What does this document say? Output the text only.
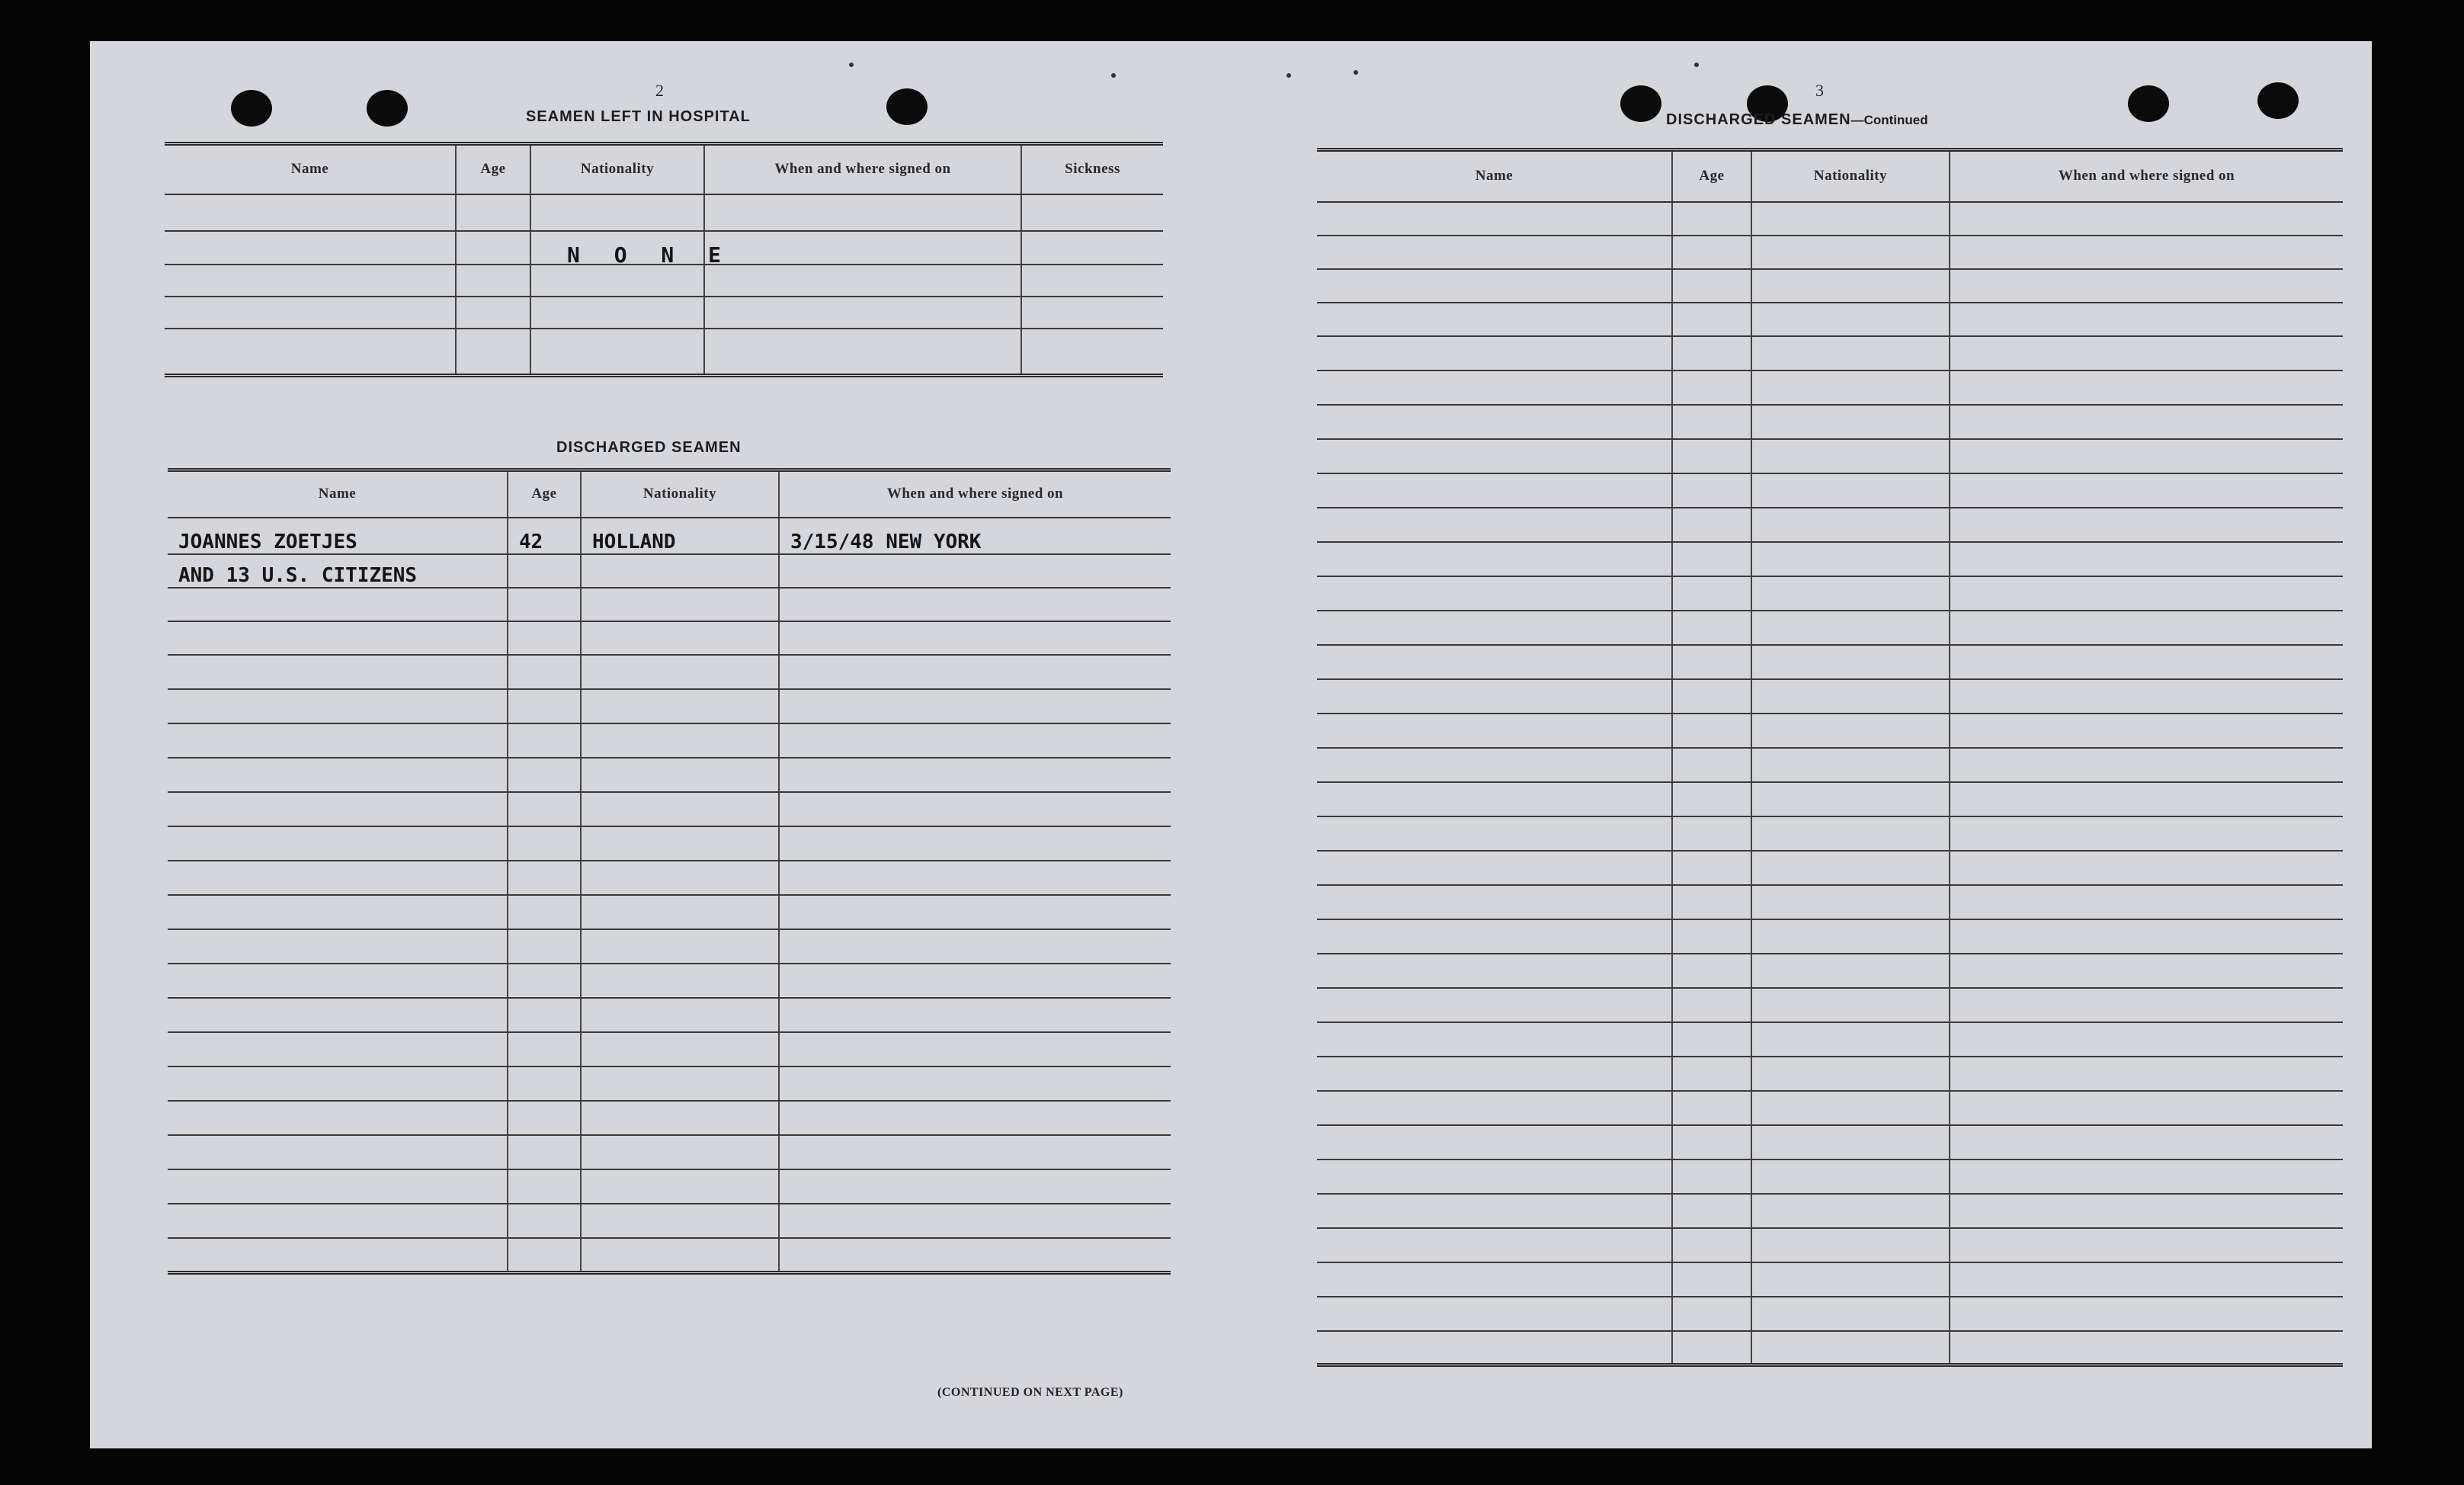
2
SEAMEN LEFT IN HOSPITAL
Name	Age	Nationality	When and where signed on	Sickness

N O N E
DISCHARGED SEAMEN
Name	Age	Nationality	When and where signed on
JOANNES ZOETJES	42	HOLLAND	3/15/48 NEW YORK
AND 13 U.S. CITIZENS			

(CONTINUED ON NEXT PAGE)
3
DISCHARGED SEAMEN—Continued
Name	Age	Nationality	When and where signed on
